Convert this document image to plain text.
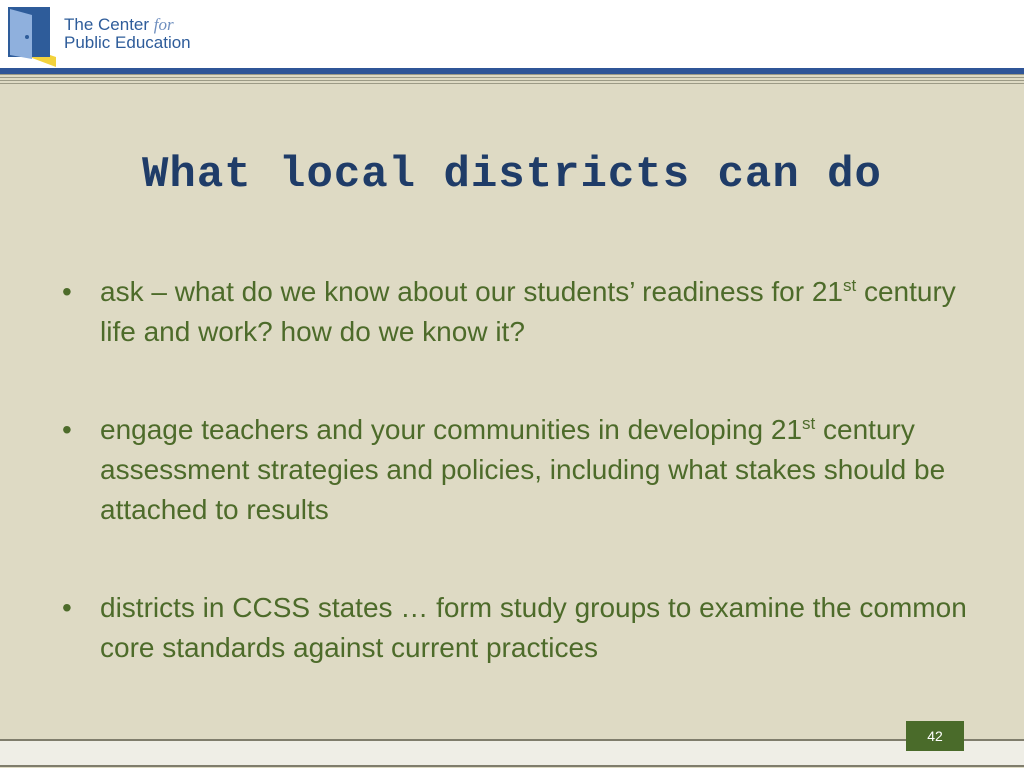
The Center for
Public Education
What local districts can do
•	ask – what do we know about our students’ readiness for 21st century life and work? how do we know it?
•	engage teachers and your communities in developing 21st century assessment strategies and policies, including what stakes should be attached to results
•	districts in CCSS states … form study groups to examine the common core standards against current practices
42
